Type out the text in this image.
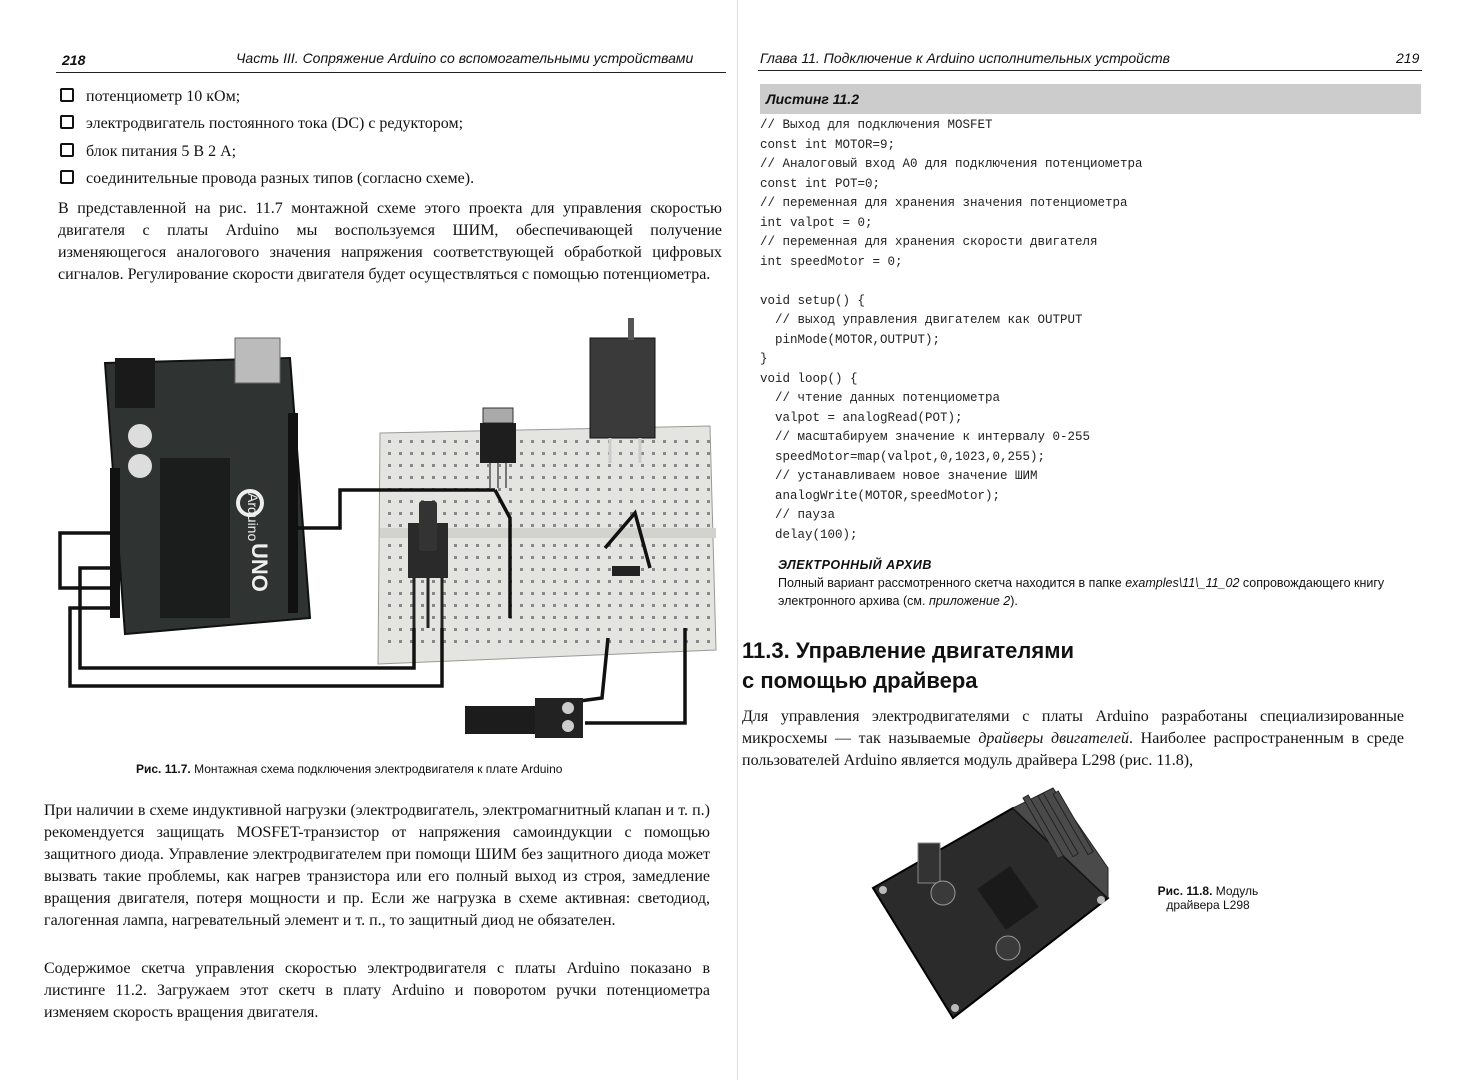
218	Часть III. Сопряжение Arduino со вспомогательными устройствами
потенциометр 10 кОм;
электродвигатель постоянного тока (DC) с редуктором;
блок питания 5 В 2 А;
соединительные провода разных типов (согласно схеме).
В представленной на рис. 11.7 монтажной схеме этого проекта для управления скоростью двигателя с платы Arduino мы воспользуемся ШИМ, обеспечивающей получение изменяющегося аналогового значения напряжения соответствующей обработкой цифровых сигналов. Регулирование скорости двигателя будет осуществляться с помощью потенциометра.
Arduino
UNO
Рис. 11.7. Монтажная схема подключения электродвигателя к плате Arduino
При наличии в схеме индуктивной нагрузки (электродвигатель, электромагнитный клапан и т. п.) рекомендуется защищать MOSFET-транзистор от напряжения самоиндукции с помощью защитного диода. Управление электродвигателем при помощи ШИМ без защитного диода может вызвать такие проблемы, как нагрев транзистора или его полный выход из строя, замедление вращения двигателя, потеря мощности и пр. Если же нагрузка в схеме активная: светодиод, галогенная лампа, нагревательный элемент и т. п., то защитный диод не обязателен.
Содержимое скетча управления скоростью электродвигателя с платы Arduino показано в листинге 11.2. Загружаем этот скетч в плату Arduino и поворотом ручки потенциометра изменяем скорость вращения двигателя.
Глава 11. Подключение к Arduino исполнительных устройств	219
Листинг 11.2
// Выход для подключения MOSFET
const int MOTOR=9;
// Аналоговый вход A0 для подключения потенциометра
const int POT=0;
// переменная для хранения значения потенциометра
int valpot = 0;
// переменная для хранения скорости двигателя
int speedMotor = 0;

void setup() {
// выход управления двигателем как OUTPUT
pinMode(MOTOR,OUTPUT);
}
void loop() {
// чтение данных потенциометра
valpot = analogRead(POT);
// масштабируем значение к интервалу 0-255
speedMotor=map(valpot,0,1023,0,255);
// устанавливаем новое значение ШИМ
analogWrite(MOTOR,speedMotor);
// пауза
delay(100);
ЭЛЕКТРОННЫЙ АРХИВ
Полный вариант рассмотренного скетча находится в папке examples\11\_11_02 сопровождающего книгу электронного архива (см. приложение 2).
11.3. Управление двигателями
с помощью драйвера
Для управления электродвигателями с платы Arduino разработаны специализированные микросхемы — так называемые драйверы двигателей. Наиболее распространенным в среде пользователей Arduino является модуль драйвера L298 (рис. 11.8),
Рис. 11.8. Модуль
драйвера L298
